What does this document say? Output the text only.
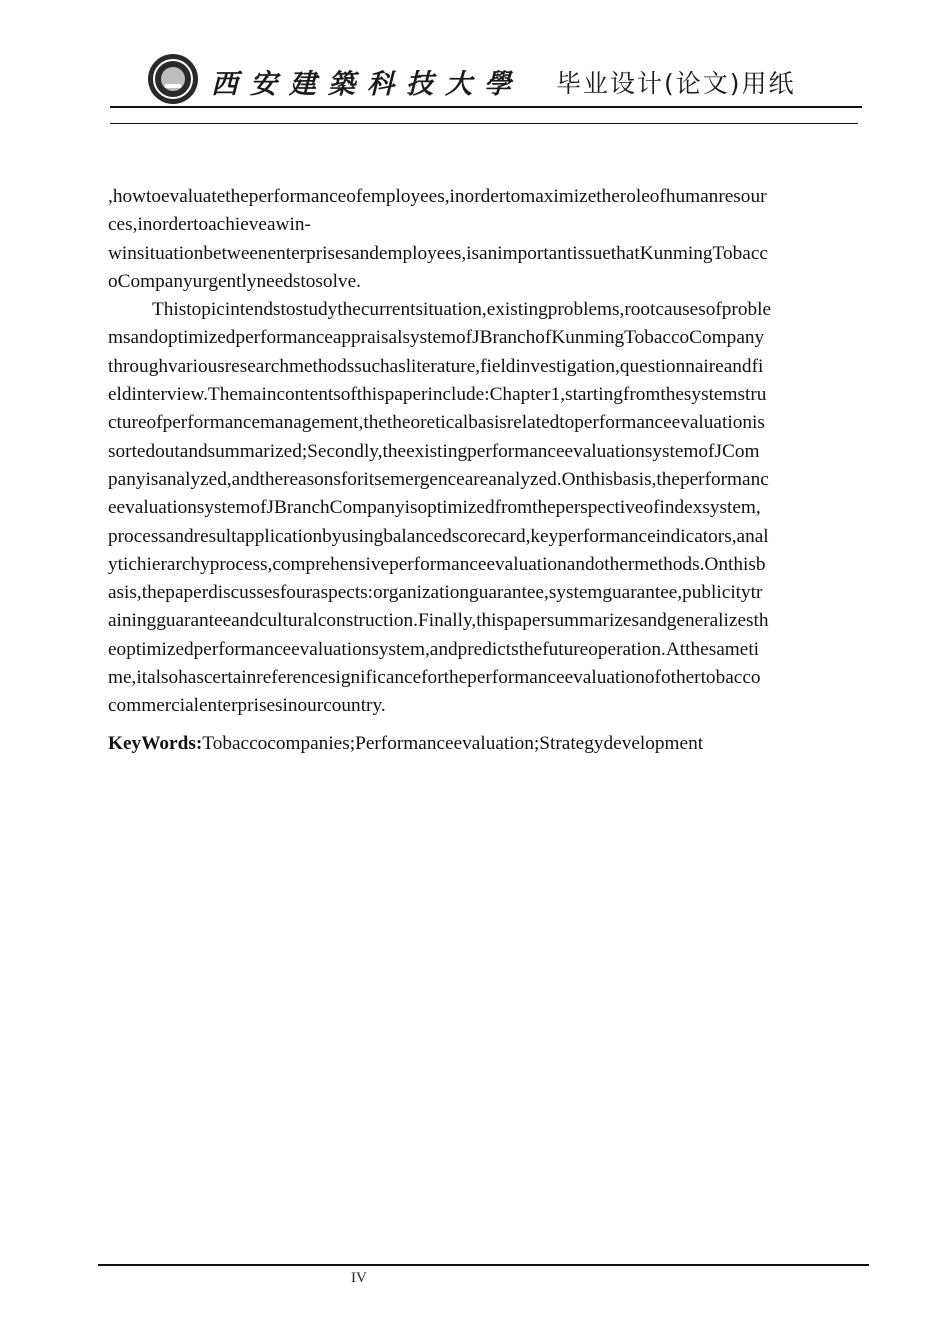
西安建築科技大學 毕业设计(论文)用纸
,howtoevaluatetheperformanceofemployees,inordertomaximizetheroleofhumanresour
ces,inordertoachieveawin-
winsituationbetweenenterprisesandemployees,isanimportantissuethatKunmingTobacc
oCompanyurgentlyneedstosolve.
Thistopicintendstostudythecurrentsituation,existingproblems,rootcausesofproble
msandoptimizedperformanceappraisalsystemofJBranchofKunmingTobaccoCompany
throughvariousresearchmethodssuchasliterature,fieldinvestigation,questionnaireandfi
eldinterview.Themaincontentsofthispaperinclude:Chapter1,startingfromthesystemstru
ctureofperformancemanagement,thetheoreticalbasisrelatedtoperformanceevaluationis
sortedoutandsummarized;Secondly,theexistingperformanceevaluationsystemofJCom
panyisanalyzed,andthereasonsforitsemergenceareanalyzed.Onthisbasis,theperformanc
eevaluationsystemofJBranchCompanyisoptimizedfromtheperspectiveofindexsystem,
processandresultapplicationbyusingbalancedscorecard,keyperformanceindicators,anal
ytichierarchyprocess,comprehensiveperformanceevaluationandothermethods.Onthisb
asis,thepaperdiscussesfouraspects:organizationguarantee,systemguarantee,publicitytr
ainingguaranteeandculturalconstruction.Finally,thispapersummarizesandgeneralizesth
eoptimizedperformanceevaluationsystem,andpredictsthefutureoperation.Atthesameti
me,italsohascertainreferencesignificancefortheperformanceevaluationofothertobacco
commercialenterprisesinourcountry.
KeyWords:Tobaccocompanies;Performanceevaluation;Strategydevelopment
IV
